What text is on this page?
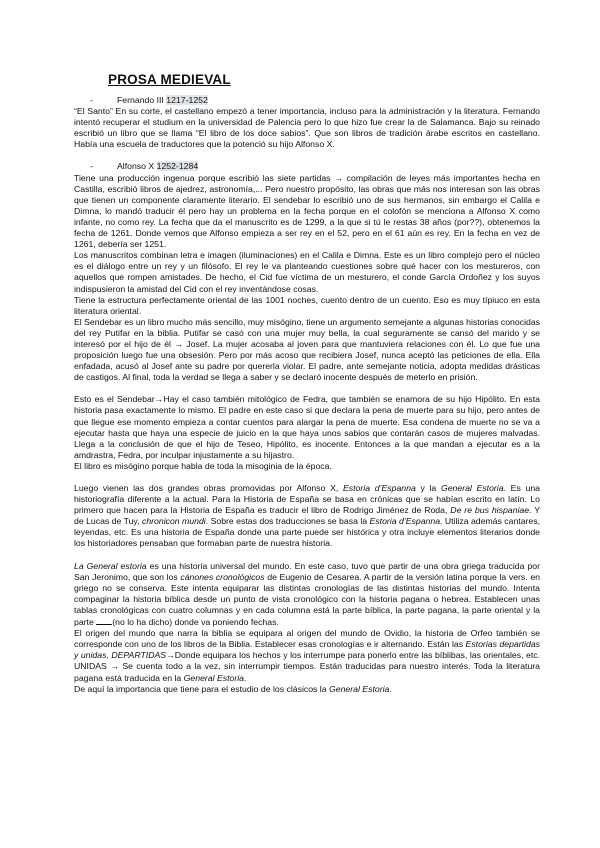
PROSA MEDIEVAL
-	Fernando III 1217-1252

“El Santo” En su corte, el castellano empezó a tener importancia, incluso para la administración y la literatura. Fernando intentó recuperar el studium en la universidad de Palencia pero lo que hizo fue crear la de Salamanca. Bajo su reinado escribió un libro que se llama “El libro de los doce sabios”. Que son libros de tradición árabe escritos en castellano. Había una escuela de traductores que la potenció su hijo Alfonso X.

-	Alfonso X 1252-1284

Tiene una producción ingenua porque escribió las siete partidas → compilación de leyes más importantes hecha en Castilla, escribió libros de ajedrez, astronomía,... Pero nuestro propósito, las obras que más nos interesan son las obras que tienen un componente claramente literario. El sendebar lo escribió uno de sus hermanos, sin embargo el Calila e Dimna, lo mandó traducir él pero hay un problema en la fecha porque en el colofón se menciona a Alfonso X como infante, no como rey. La fecha que da el manuscrito es de 1299, a la que si tú le restas 38 años (por??), obtenemos la fecha de 1261. Donde vemos que Alfonso empieza a ser rey en el 52, pero en el 61 aún es rey. En la fecha en vez de 1261, debería ser 1251.

Los manuscritos combinan letra e imagen (iluminaciones) en el Calila e Dimna. Este es un libro complejo pero el núcleo es el diálogo entre un rey y un filósofo. El rey le va planteando cuestiones sobre qué hacer con los mestureros, con aquellos que rompen amistades. De hecho, el Cid fue víctima de un mesturero, el conde García Ordoñez y los suyos indispusieron la amistad del Cid con el rey inventándose cosas.

Tiene la estructura perfectamente oriental de las 1001 noches, cuento dentro de un cuento. Eso es muy típiuco en esta literatura oriental.

El Sendebar es un libro mucho más sencillo, muy misógino, tiene un argumento semejante a algunas historias conocidas del rey Putifar en la biblia. Putifar se casó con una mujer muy bella, la cual seguramente se cansó del marido y se interesó por el hijo de él → Josef. La mujer acosaba al joven para que mantuviera relaciones con él. Lo que fue una proposición luego fue una obsesión. Pero por más acoso que recibiera Josef, nunca aceptó las peticiones de ella. Ella enfadada, acusó al Josef ante su padre por quererla violar. El padre, ante semejante noticia, adopta medidas drásticas de castigos. Al final, toda la verdad se llega a saber y se declaró inocente después de meterlo en prisión.

Esto es el Sendebar→Hay el caso también mitológico de Fedra, que también se enamora de su hijo Hipólito. En esta historia pasa exactamente lo mismo. El padre en este caso si que declara la pena de muerte para su hijo, pero antes de que llegue ese momento empieza a contar cuentos para alargar la pena de muerte. Esa condena de muerte no se va a ejecutar hasta que haya una especie de juicio en la que haya unos sabios que contarán casos de mujeres malvadas. Llega a la conclusión de que el hijo de Teseo, Hipólito, es inocente. Entonces a la que mandan a ejecutar es a la amdrastra, Fedra, por inculpar injustamente a su hijastro.

El libro es misógino porque habla de toda la misoginia de la época.

Luego vienen las dos grandes obras promovidas por Alfonso X, Estoria d’Espanna y la General Estoria. Es una historiografía diferente a la actual. Para la Historia de España se basa en crónicas que se habían escrito en latín. Lo primero que hacen para la Historia de España es traducir el libro de Rodrigo Jiménez de Roda, De re bus hispaniae. Y de Lucas de Tuy, chronicon mundi. Sobre estas dos traducciones se basa la Estoria d’Espanna. Utiliza además cantares, leyendas, etc. Es una historia de España donde una parte puede ser histórica y otra incluye elementos literarios donde los historiadores pensaban que formaban parte de nuestra historia.

La General estoria es una historia universal del mundo. En este caso, tuvo que partir de una obra griega traducida por San Jeronimo, que son los cánones cronológicos de Eugenio de Cesarea. A partir de la versión latina porque la vers. en griego no se conserva. Este intenta equiparar las distintas cronologías de las distintas historias del mundo. Intenta compaginar la historia bíblica desde un punto de vista cronológico con la historia pagana o hebrea. Establecen unas tablas cronológicas con cuatro columnas y en cada columna está la parte bíblica, la parte pagana, la parte oriental y la parte (no lo ha dicho) donde va poniendo fechas.

El origen del mundo que narra la biblia se equipara al origen del mundo de Ovidio, la historia de Orfeo también se corresponde con uno de los libros de la Biblia. Establecer esas cronologías e ir alternando. Están las Estorias departidas y unidas, DEPARTIDAS→Donde equipara los hechos y los interrumpe para ponerlo entre las bíblibas, las orientales, etc. UNIDAS → Se cuenta todo a la vez, sin interrumpir tiempos. Están traducidas para nuestro interés. Toda la literatura pagana está traducida en la General Estoria.

De aquí la importancia que tiene para el estudio de los clásicos la General Estoria.
